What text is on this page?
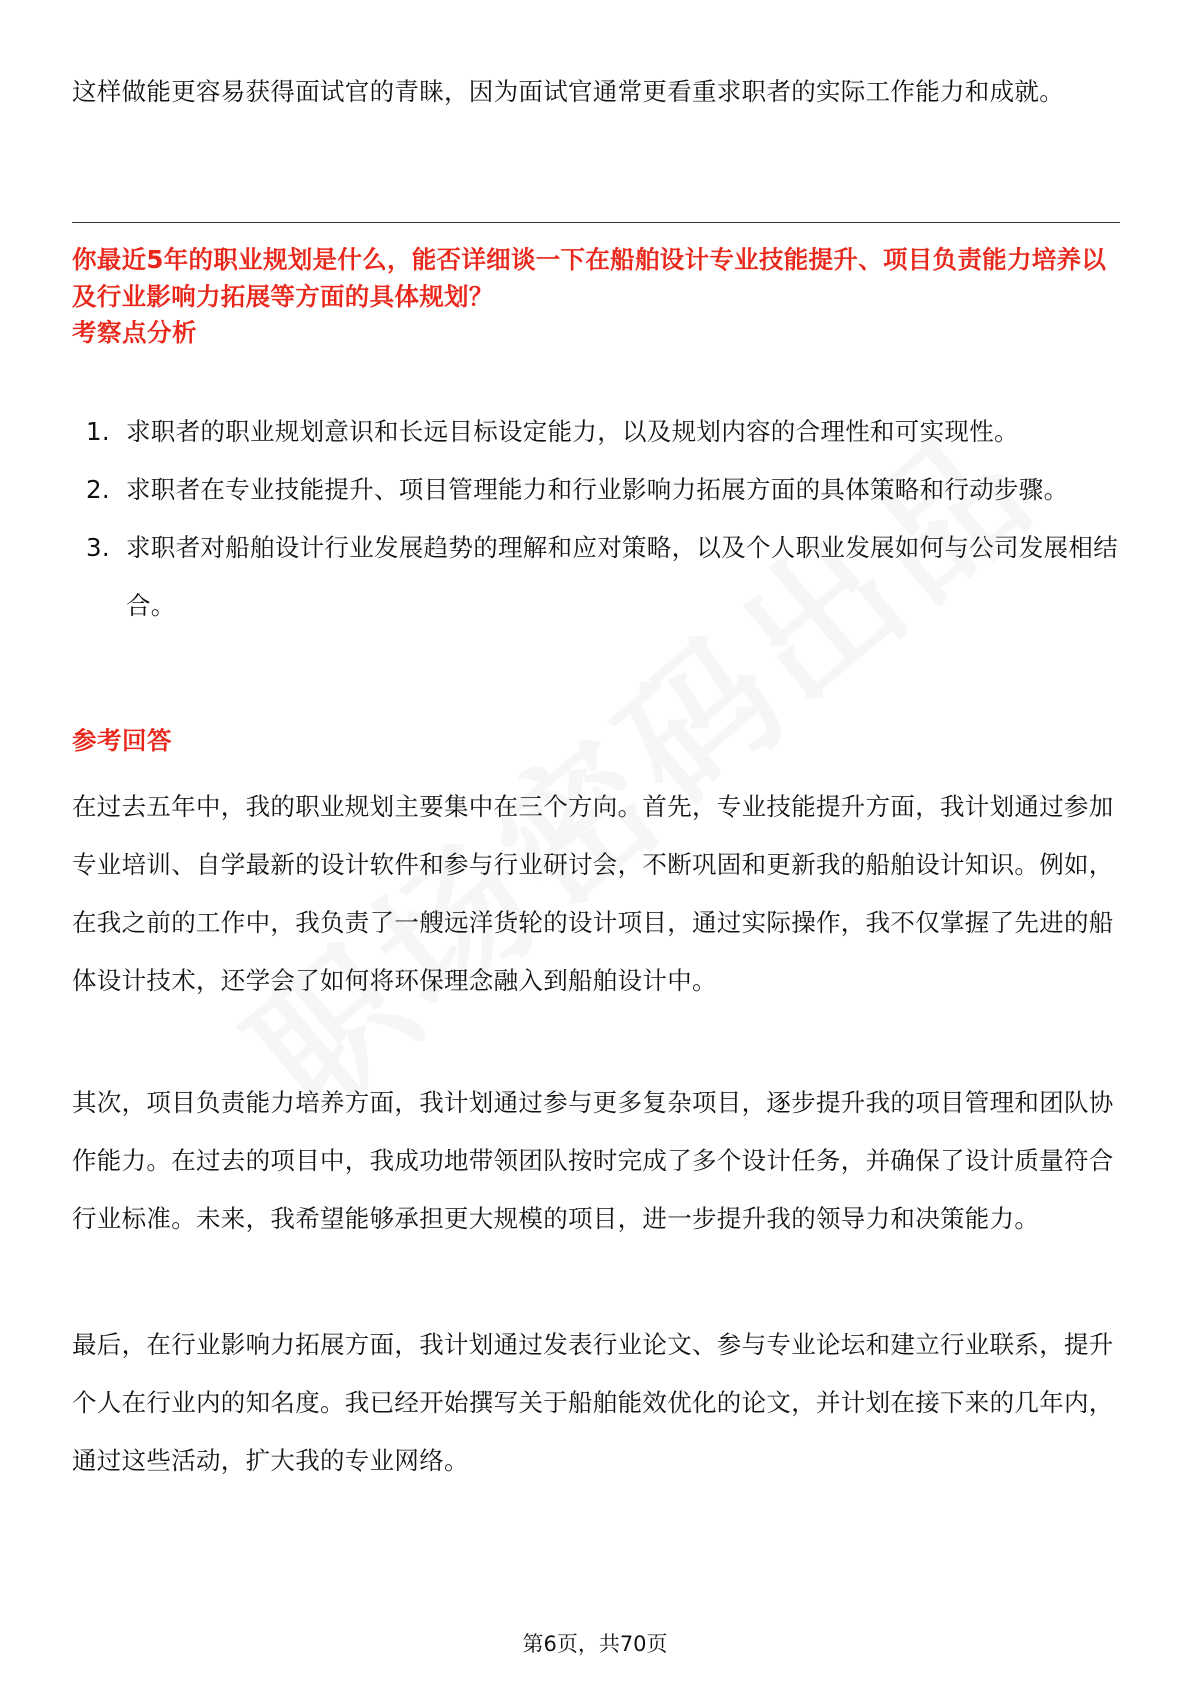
这样做能更容易获得面试官的青睐，因为面试官通常更看重求职者的实际工作能力和成就。

你最近5年的职业规划是什么，能否详细谈一下在船舶设计专业技能提升、项目负责能力培养以及行业影响力拓展等方面的具体规划？

考察点分析
1. 求职者的职业规划意识和长远目标设定能力，以及规划内容的合理性和可实现性。
2. 求职者在专业技能提升、项目管理能力和行业影响力拓展方面的具体策略和行动步骤。
3. 求职者对船舶设计行业发展趋势的理解和应对策略，以及个人职业发展如何与公司发展相结合。
参考回答

在过去五年中，我的职业规划主要集中在三个方向。首先，专业技能提升方面，我计划通过参加专业培训、自学最新的设计软件和参与行业研讨会，不断巩固和更新我的船舶设计知识。例如，在我之前的工作中，我负责了一艘远洋货轮的设计项目，通过实际操作，我不仅掌握了先进的船体设计技术，还学会了如何将环保理念融入到船舶设计中。

其次，项目负责能力培养方面，我计划通过参与更多复杂项目，逐步提升我的项目管理和团队协作能力。在过去的项目中，我成功地带领团队按时完成了多个设计任务，并确保了设计质量符合行业标准。未来，我希望能够承担更大规模的项目，进一步提升我的领导力和决策能力。

最后，在行业影响力拓展方面，我计划通过发表行业论文、参与专业论坛和建立行业联系，提升个人在行业内的知名度。我已经开始撰写关于船舶能效优化的论文，并计划在接下来的几年内，通过这些活动，扩大我的专业网络。

第6页，共70页
